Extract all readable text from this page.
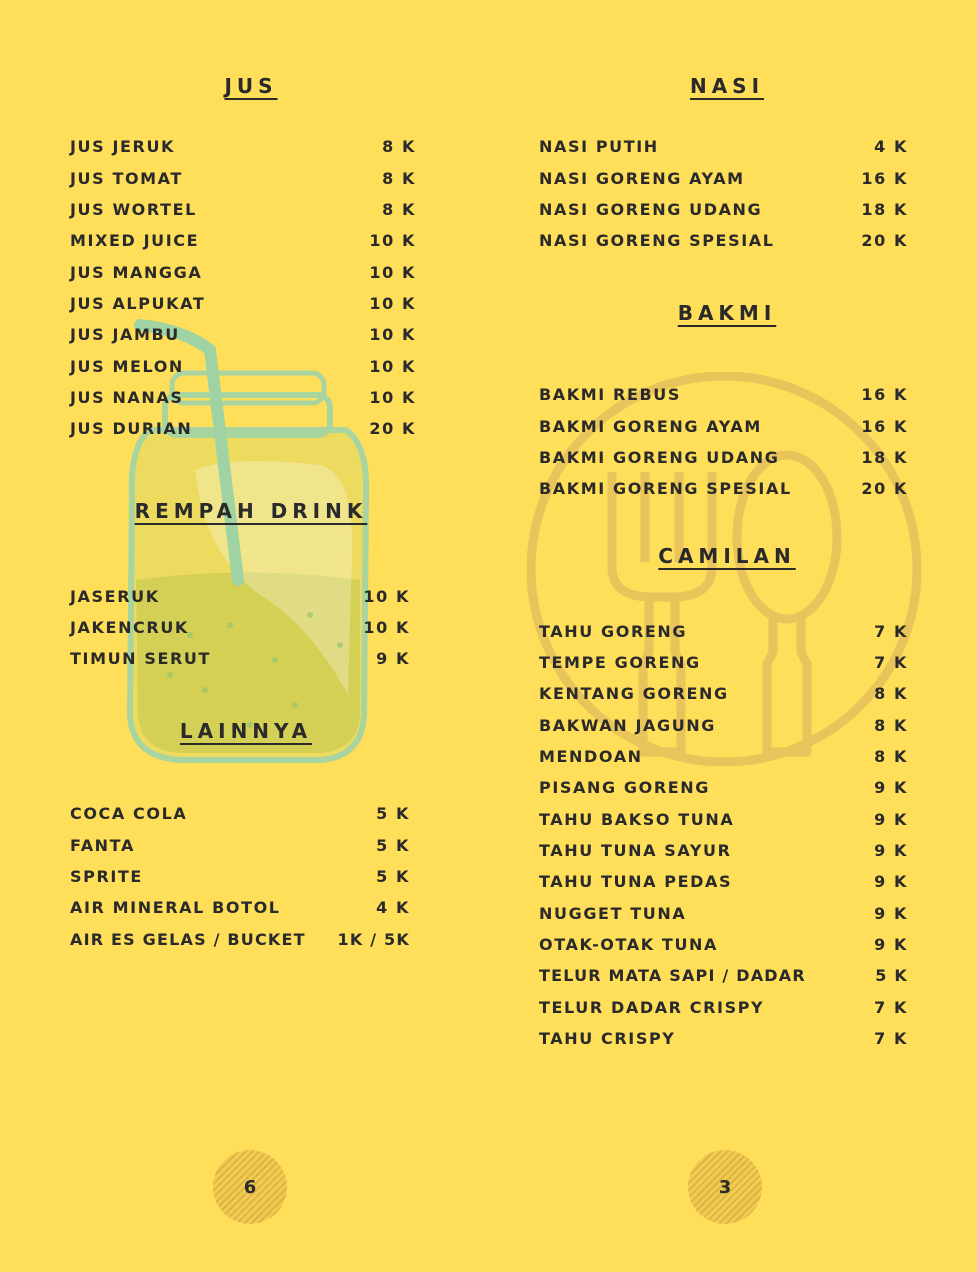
JUS
JUS JERUK	8 K
JUS TOMAT	8 K
JUS WORTEL	8 K
MIXED JUICE	10 K
JUS MANGGA	10 K
JUS ALPUKAT	10 K
JUS JAMBU	10 K
JUS MELON	10 K
JUS NANAS	10 K
JUS DURIAN	20 K
REMPAH DRINK
JASERUK	10 K
JAKENCRUK	10 K
TIMUN SERUT	9 K
LAINNYA
COCA COLA	5 K
FANTA	5 K
SPRITE	5 K
AIR MINERAL BOTOL	4 K
AIR ES GELAS / BUCKET 1K / 5K
6
NASI
NASI PUTIH	4 K
NASI GORENG AYAM	16 K
NASI GORENG UDANG	18 K
NASI GORENG SPESIAL	20 K
BAKMI
BAKMI REBUS	16 K
BAKMI GORENG AYAM	16 K
BAKMI GORENG UDANG	18 K
BAKMI GORENG SPESIAL	20 K
CAMILAN
TAHU GORENG	7 K
TEMPE GORENG	7 K
KENTANG GORENG	8 K
BAKWAN JAGUNG	8 K
MENDOAN	8 K
PISANG GORENG	9 K
TAHU BAKSO TUNA	9 K
TAHU TUNA SAYUR	9 K
TAHU TUNA PEDAS	9 K
NUGGET TUNA	9 K
OTAK-OTAK TUNA	9 K
TELUR MATA SAPI / DADAR	5 K
TELUR DADAR CRISPY	7 K
TAHU CRISPY	7 K
3
